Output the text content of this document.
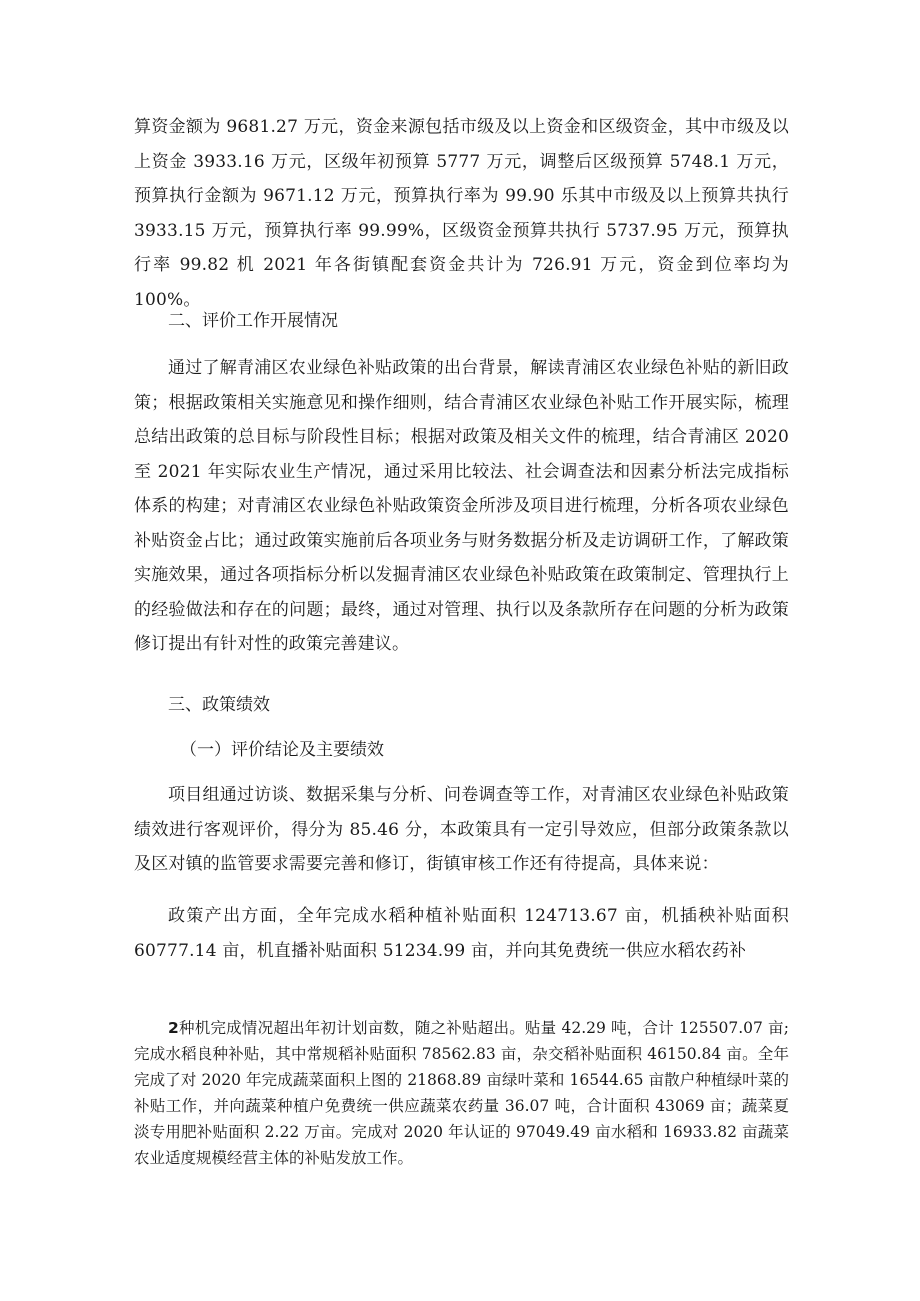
算资金额为 9681.27 万元，资金来源包括市级及以上资金和区级资金，其中市级及以上资金 3933.16 万元，区级年初预算 5777 万元，调整后区级预算 5748.1 万元，预算执行金额为 9671.12 万元，预算执行率为 99.90 乐其中市级及以上预算共执行 3933.15 万元，预算执行率 99.99%，区级资金预算共执行 5737.95 万元，预算执行率 99.82 机 2021 年各街镇配套资金共计为 726.91 万元，资金到位率均为 100%。

二、评价工作开展情况

通过了解青浦区农业绿色补贴政策的出台背景，解读青浦区农业绿色补贴的新旧政策；根据政策相关实施意见和操作细则，结合青浦区农业绿色补贴工作开展实际，梳理总结出政策的总目标与阶段性目标；根据对政策及相关文件的梳理，结合青浦区 2020 至 2021 年实际农业生产情况，通过采用比较法、社会调查法和因素分析法完成指标体系的构建；对青浦区农业绿色补贴政策资金所涉及项目进行梳理，分析各项农业绿色补贴资金占比；通过政策实施前后各项业务与财务数据分析及走访调研工作，了解政策实施效果，通过各项指标分析以发掘青浦区农业绿色补贴政策在政策制定、管理执行上的经验做法和存在的问题；最终，通过对管理、执行以及条款所存在问题的分析为政策修订提出有针对性的政策完善建议。

三、政策绩效

（一）评价结论及主要绩效

项目组通过访谈、数据采集与分析、问卷调查等工作，对青浦区农业绿色补贴政策绩效进行客观评价，得分为 85.46 分，本政策具有一定引导效应，但部分政策条款以及区对镇的监管要求需要完善和修订，街镇审核工作还有待提高，具体来说：

政策产出方面，全年完成水稻种植补贴面积 124713.67 亩，机插秧补贴面积 60777.14 亩，机直播补贴面积 51234.99 亩，并向其免费统一供应水稻农药补

2种机完成情况超出年初计划亩数，随之补贴超出。贴量 42.29 吨，合计 125507.07 亩;完成水稻良种补贴，其中常规稻补贴面积 78562.83 亩，杂交稻补贴面积 46150.84 亩。全年完成了对 2020 年完成蔬菜面积上图的 21868.89 亩绿叶菜和 16544.65 亩散户种植绿叶菜的补贴工作，并向蔬菜种植户免费统一供应蔬菜农药量 36.07 吨，合计面积 43069 亩；蔬菜夏淡专用肥补贴面积 2.22 万亩。完成对 2020 年认证的 97049.49 亩水稻和 16933.82 亩蔬菜农业适度规模经营主体的补贴发放工作。
